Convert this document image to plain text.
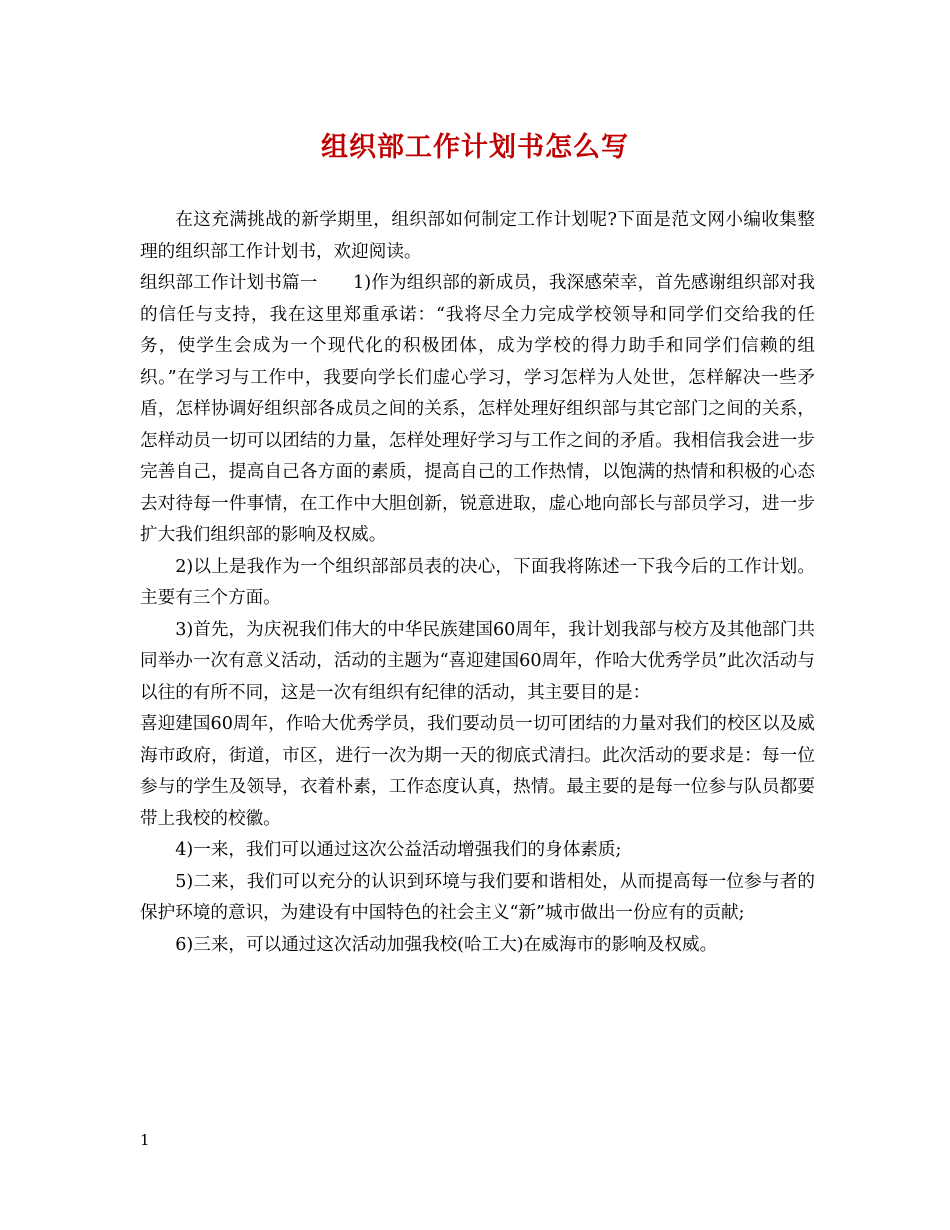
组织部工作计划书怎么写

在这充满挑战的新学期里，组织部如何制定工作计划呢?下面是范文网小编收集整理的组织部工作计划书，欢迎阅读。

组织部工作计划书篇一　　1)作为组织部的新成员，我深感荣幸，首先感谢组织部对我的信任与支持，我在这里郑重承诺：“我将尽全力完成学校领导和同学们交给我的任务，使学生会成为一个现代化的积极团体，成为学校的得力助手和同学们信赖的组织。”在学习与工作中，我要向学长们虚心学习，学习怎样为人处世，怎样解决一些矛盾，怎样协调好组织部各成员之间的关系，怎样处理好组织部与其它部门之间的关系，怎样动员一切可以团结的力量，怎样处理好学习与工作之间的矛盾。我相信我会进一步完善自己，提高自己各方面的素质，提高自己的工作热情，以饱满的热情和积极的心态去对待每一件事情，在工作中大胆创新，锐意进取，虚心地向部长与部员学习，进一步扩大我们组织部的影响及权威。

2)以上是我作为一个组织部部员表的决心，下面我将陈述一下我今后的工作计划。主要有三个方面。

3)首先，为庆祝我们伟大的中华民族建国60周年，我计划我部与校方及其他部门共同举办一次有意义活动，活动的主题为“喜迎建国60周年，作哈大优秀学员”此次活动与以往的有所不同，这是一次有组织有纪律的活动，其主要目的是：

喜迎建国60周年，作哈大优秀学员，我们要动员一切可团结的力量对我们的校区以及威海市政府，街道，市区，进行一次为期一天的彻底式清扫。此次活动的要求是：每一位参与的学生及领导，衣着朴素，工作态度认真，热情。最主要的是每一位参与队员都要带上我校的校徽。

4)一来，我们可以通过这次公益活动增强我们的身体素质;

5)二来，我们可以充分的认识到环境与我们要和谐相处，从而提高每一位参与者的保护环境的意识，为建设有中国特色的社会主义“新”城市做出一份应有的贡献;

6)三来，可以通过这次活动加强我校(哈工大)在威海市的影响及权威。

1
